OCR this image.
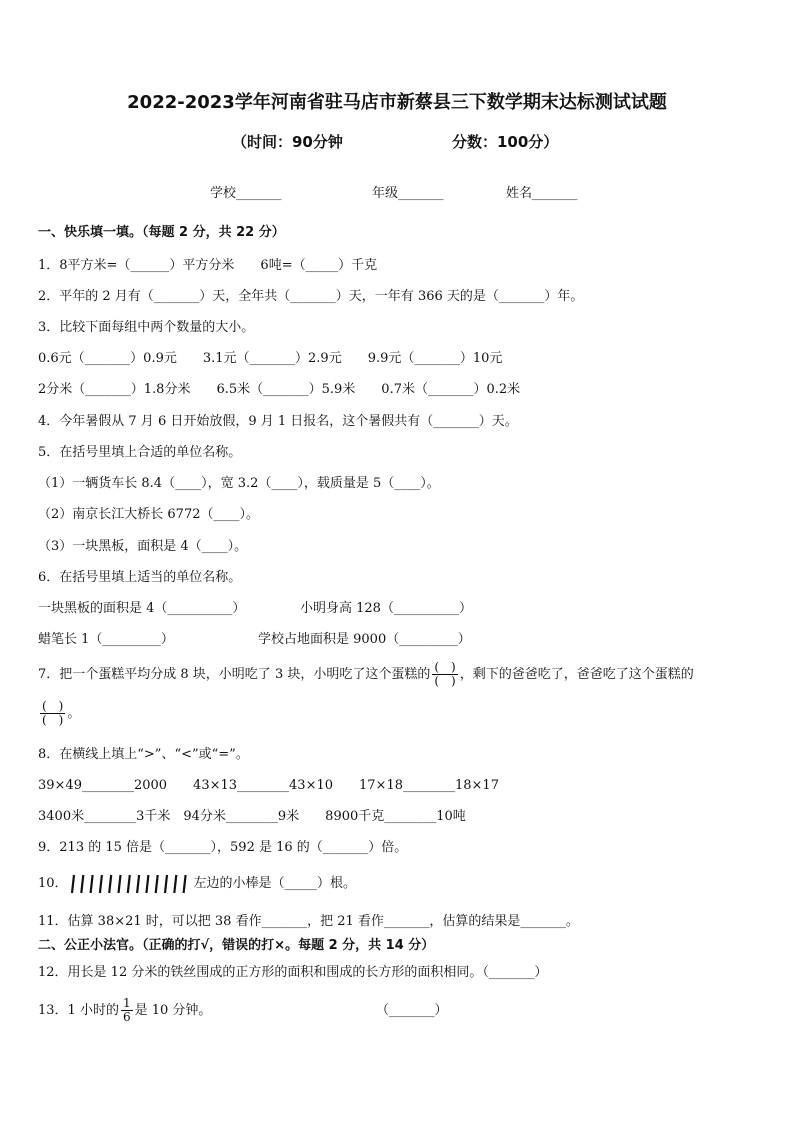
2022-2023学年河南省驻马店市新蔡县三下数学期末达标测试试题
（时间：90分钟	分数：100分）
学校_______	年级_______	姓名_______
一、快乐填一填。（每题 2 分，共 22 分）
1．8平方米=（______）平方分米　　6吨=（_____）千克
2．平年的 2 月有（_______）天，全年共（_______）天，一年有 366 天的是（_______）年。
3．比较下面每组中两个数量的大小。
0.6元（_______）0.9元　　3.1元（_______）2.9元　　9.9元（_______）10元
2分米（_______）1.8分米　　6.5米（_______）5.9米　　0.7米（_______）0.2米
4．今年暑假从 7 月 6 日开始放假，9 月 1 日报名，这个暑假共有（_______）天。
5．在括号里填上合适的单位名称。
（1）一辆货车长 8.4（____），宽 3.2（____），载质量是 5（____）。
（2）南京长江大桥长 6772（____）。
（3）一块黑板，面积是 4（____）。
6．在括号里填上适当的单位名称。
一块黑板的面积是 4（__________）	小明身高 128（__________）
蜡笔长 1（_________）	学校占地面积是 9000（_________）
7．把一个蛋糕平均分成 8 块，小明吃了 3 块，小明吃了这个蛋糕的 (　)
(　) ，剩下的爸爸吃了，爸爸吃了这个蛋糕的
(　)
(　) 。
8．在横线上填上“>”、“<”或“=”。
39×49________2000　　43×13________43×10　　17×18________18×17
3400米________3千米　94分米________9米　　8900千克________10吨
9．213 的 15 倍是（_______），592 是 16 的（_______）倍。
10．	左边的小棒是（_____）根。
11．估算 38×21 时，可以把 38 看作_______，把 21 看作_______，估算的结果是_______。
二、公正小法官。（正确的打√，错误的打×。每题 2 分，共 14 分）
12．用长是 12 分米的铁丝围成的正方形的面积和围成的长方形的面积相同。（_______）
13．1 小时的 $\frac{1}{6}$ 是 10 分钟。	（_______）
